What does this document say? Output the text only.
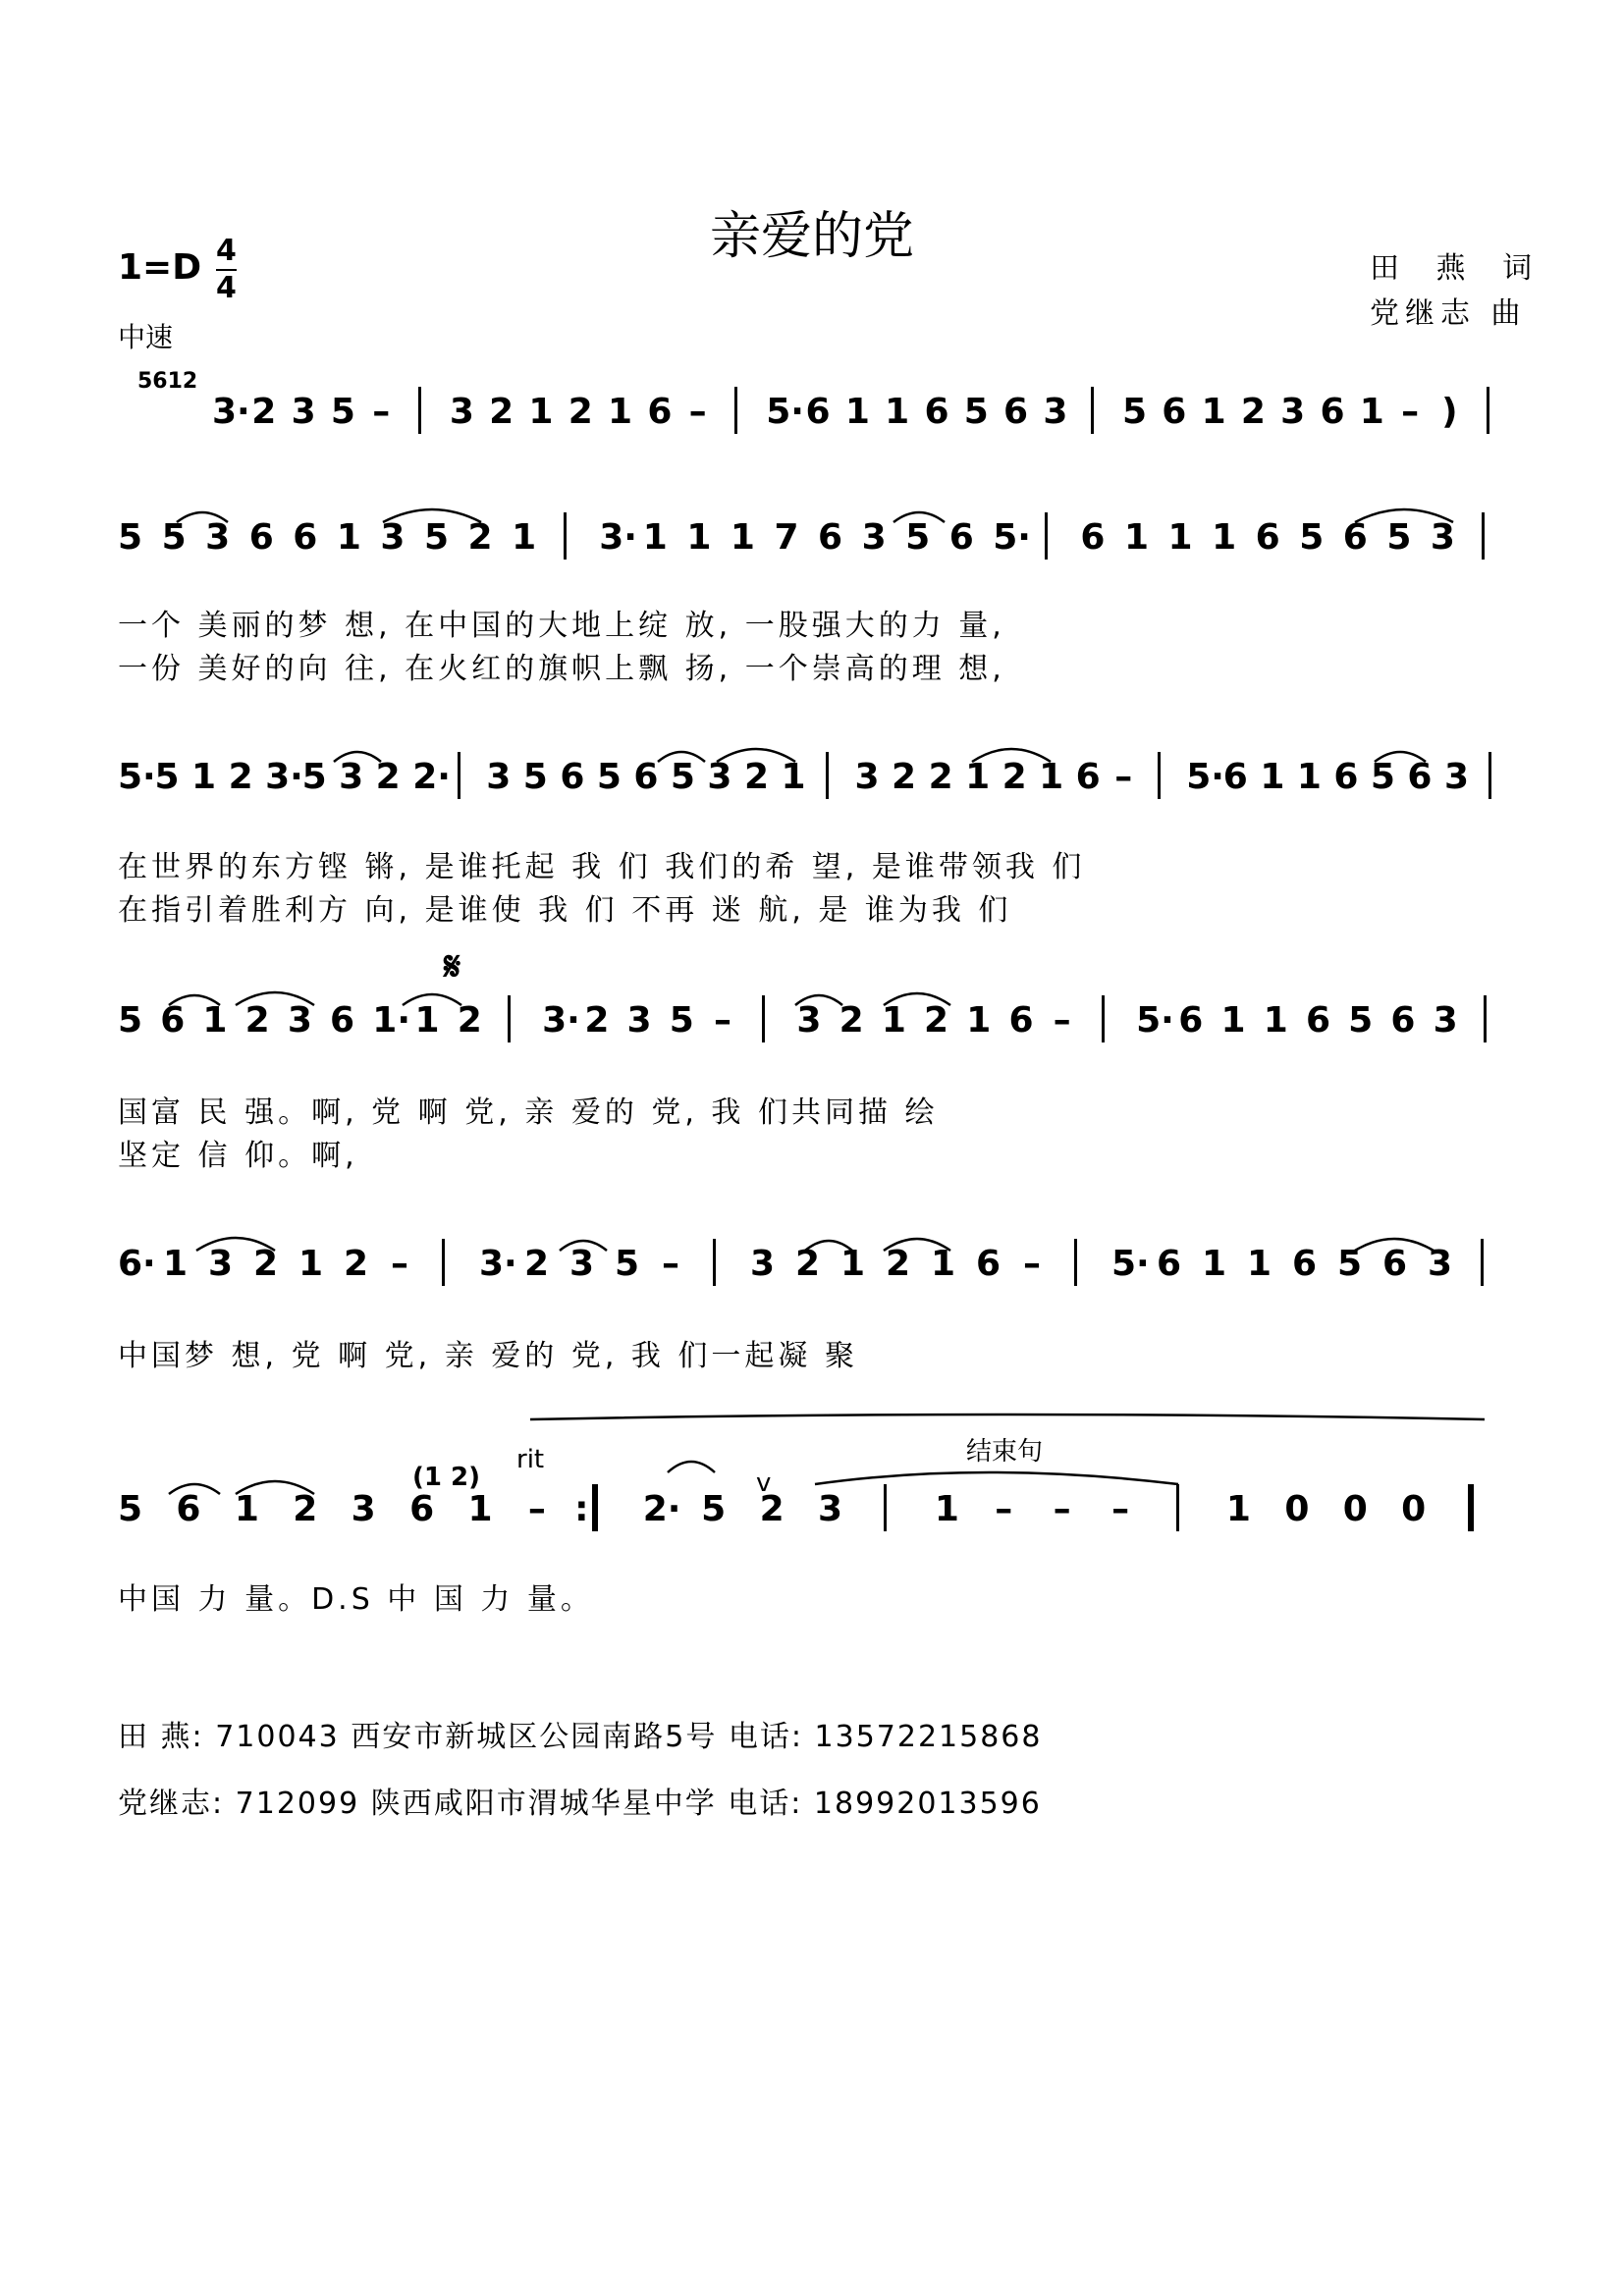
亲爱的党
田 燕 词
党继志 曲
$1=D \frac{4}{4}$
中速
3· 2 3 5 – 3 2 1 2 1 6 – 5· 6 1 1 6 5 6 3 5 6 1 2 3 6 1 – )
5 5 3 6 6 1 3 5 2 1 3· 1 1 1 7 6 3 5 6 5· 6 1 1 1 6 5 6 5 3
5·
5 1 2 3·
5 3 2 2· 3 5 6 5 6 5 3 2 1 3 2 2 1 2 1 6 – 5·
6 1 1 6 5 6 3
5 6 1 2 3 6 1· 1 2 3· 2 3 5 – 3 2 1 2 1 6 – 5· 6 1 1 6 5 6 3
6· 1 3 2 1 2 – 3· 2 3 5 – 3 2 1 2 1 6 – 5· 6 1 1 6 5 6 3
5 6 1 2 3 6 1 – : 2· 5 2 3	1 – – –	1 0 0 0
5612
一个 美丽的梦 想, 在中国的大地上绽 放, 一股强大的力 量,
一份 美好的向 往, 在火红的旗帜上飘 扬, 一个崇高的理 想,
在世界的东方铿 锵, 是谁托起 我 们 我们的希 望, 是谁带领我 们
在指引着胜利方 向, 是谁使 我 们 不再 迷 航, 是 谁为我 们
国富 民 强。啊, 党 啊 党, 亲 爱的 党, 我 们共同描 绘
坚定 信 仰。啊,
中国梦 想, 党 啊 党, 亲 爱的 党, 我 们一起凝 聚
中国 力 量。D.S 中 国 力 量。
𝄋
rit	结束句
(1 2)	v
田 燕: 710043 西安市新城区公园南路5号 电话: 13572215868
党继志: 712099 陕西咸阳市渭城华星中学 电话: 18992013596
